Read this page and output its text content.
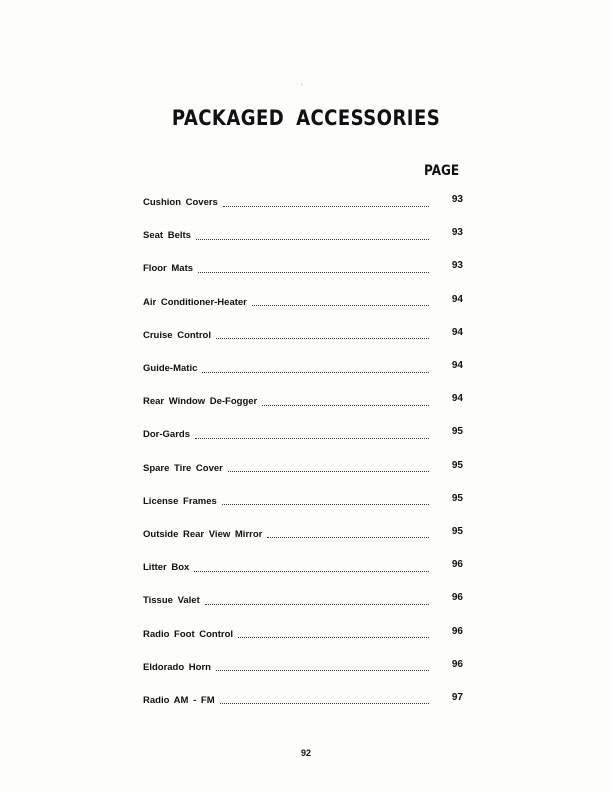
PACKAGED ACCESSORIES
PAGE
Cushion Covers	93
Seat Belts	93
Floor Mats	93
Air Conditioner-Heater	94
Cruise Control	94
Guide-Matic	94
Rear Window De-Fogger	94
Dor-Gards	95
Spare Tire Cover	95
License Frames	95
Outside Rear View Mirror	95
Litter Box	96
Tissue Valet	96
Radio Foot Control	96
Eldorado Horn	96
Radio AM - FM	97
92
